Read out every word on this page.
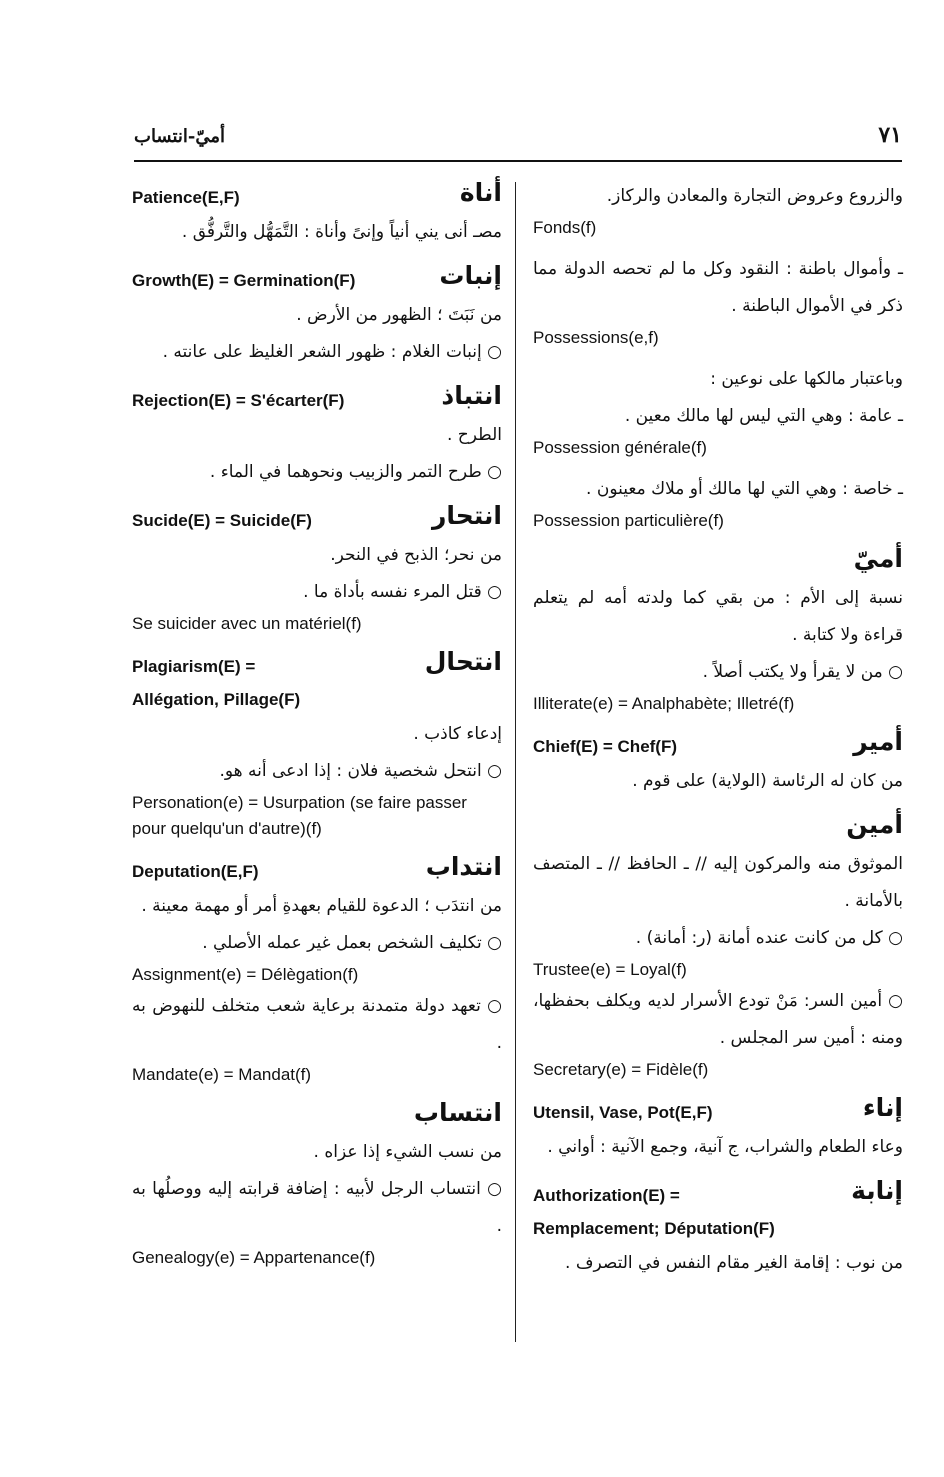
أميّ-انتساب	٧١
والزروع وعروض التجارة والمعادن والركاز.
Fonds(f)
ـ وأموال باطنة : النقود وكل ما لم تحصه الدولة مما ذكر في الأموال الباطنة .
Possessions(e,f)
وباعتبار مالكها على نوعين :
ـ عامة : وهي التي ليس لها مالك معين .
Possession générale(f)
ـ خاصة : وهي التي لها مالك أو ملاك معينون .
Possession particulière(f)
أميّ
نسبة إلى الأم : من بقي كما ولدته أمه لم يتعلم قراءة ولا كتابة .
○ من لا يقرأ ولا يكتب أصلاً .
Illiterate(e) = Analphabète; Illetré(f)
Chief(E) = Chef(F)	أمير
من كان له الرئاسة (الولاية) على قوم .
أمين
الموثوق منه والمركون إليه // ـ الحافظ // ـ المتصف بالأمانة .
○ كل من كانت عنده أمانة (ر: أمانة) .
Trustee(e) = Loyal(f)
○ أمين السر: مَنْ تودع الأسرار لديه ويكلف بحفظها، ومنه : أمين سر المجلس .
Secretary(e) = Fidèle(f)
Utensil, Vase, Pot(E,F)	إناء
وعاء الطعام والشراب، ج آنية، وجمع الآنية : أواني .
Authorization(E) =	إنابة
Remplacement; Députation(F)
من نوب : إقامة الغير مقام النفس في التصرف .
Patience(E,F)	أناة
مصـ أنى يني أنياً وإنىً وأناة : التَّمَهُّل والتَّرفُّق .
Growth(E) = Germination(F)	إنبات
من نَبَتَ ؛ الظهور من الأرض .
○ إنبات الغلام : ظهور الشعر الغليظ على عانته .
Rejection(E) = S'écarter(F)	انتباذ
الطرح .
○ طرح التمر والزبيب ونحوهما في الماء .
Sucide(E) = Suicide(F)	انتحار
من نحر؛ الذبح في النحر.
○ قتل المرء نفسه بأداة ما .
Se suicider avec un matériel(f)
Plagiarism(E) =	انتحال
Allégation, Pillage(F)
إدعاء كاذب .
○ انتحل شخصية فلان : إذا ادعى أنه هو.
Personation(e) = Usurpation (se faire passer pour quelqu'un d'autre)(f)
Deputation(E,F)	انتداب
من انتدَب ؛ الدعوة للقيام بعهدةِ أمر أو مهمة معينة .
○ تكليف الشخص بعمل غير عمله الأصلي .
Assignment(e) = Délègation(f)
○ تعهد دولة متمدنة برعاية شعب متخلف للنهوض به .
Mandate(e) = Mandat(f)
انتساب
من نسب الشيء إذا عزاه .
○ انتساب الرجل لأبيه : إضافة قرابته إليه ووصلُها به .
Genealogy(e) = Appartenance(f)
